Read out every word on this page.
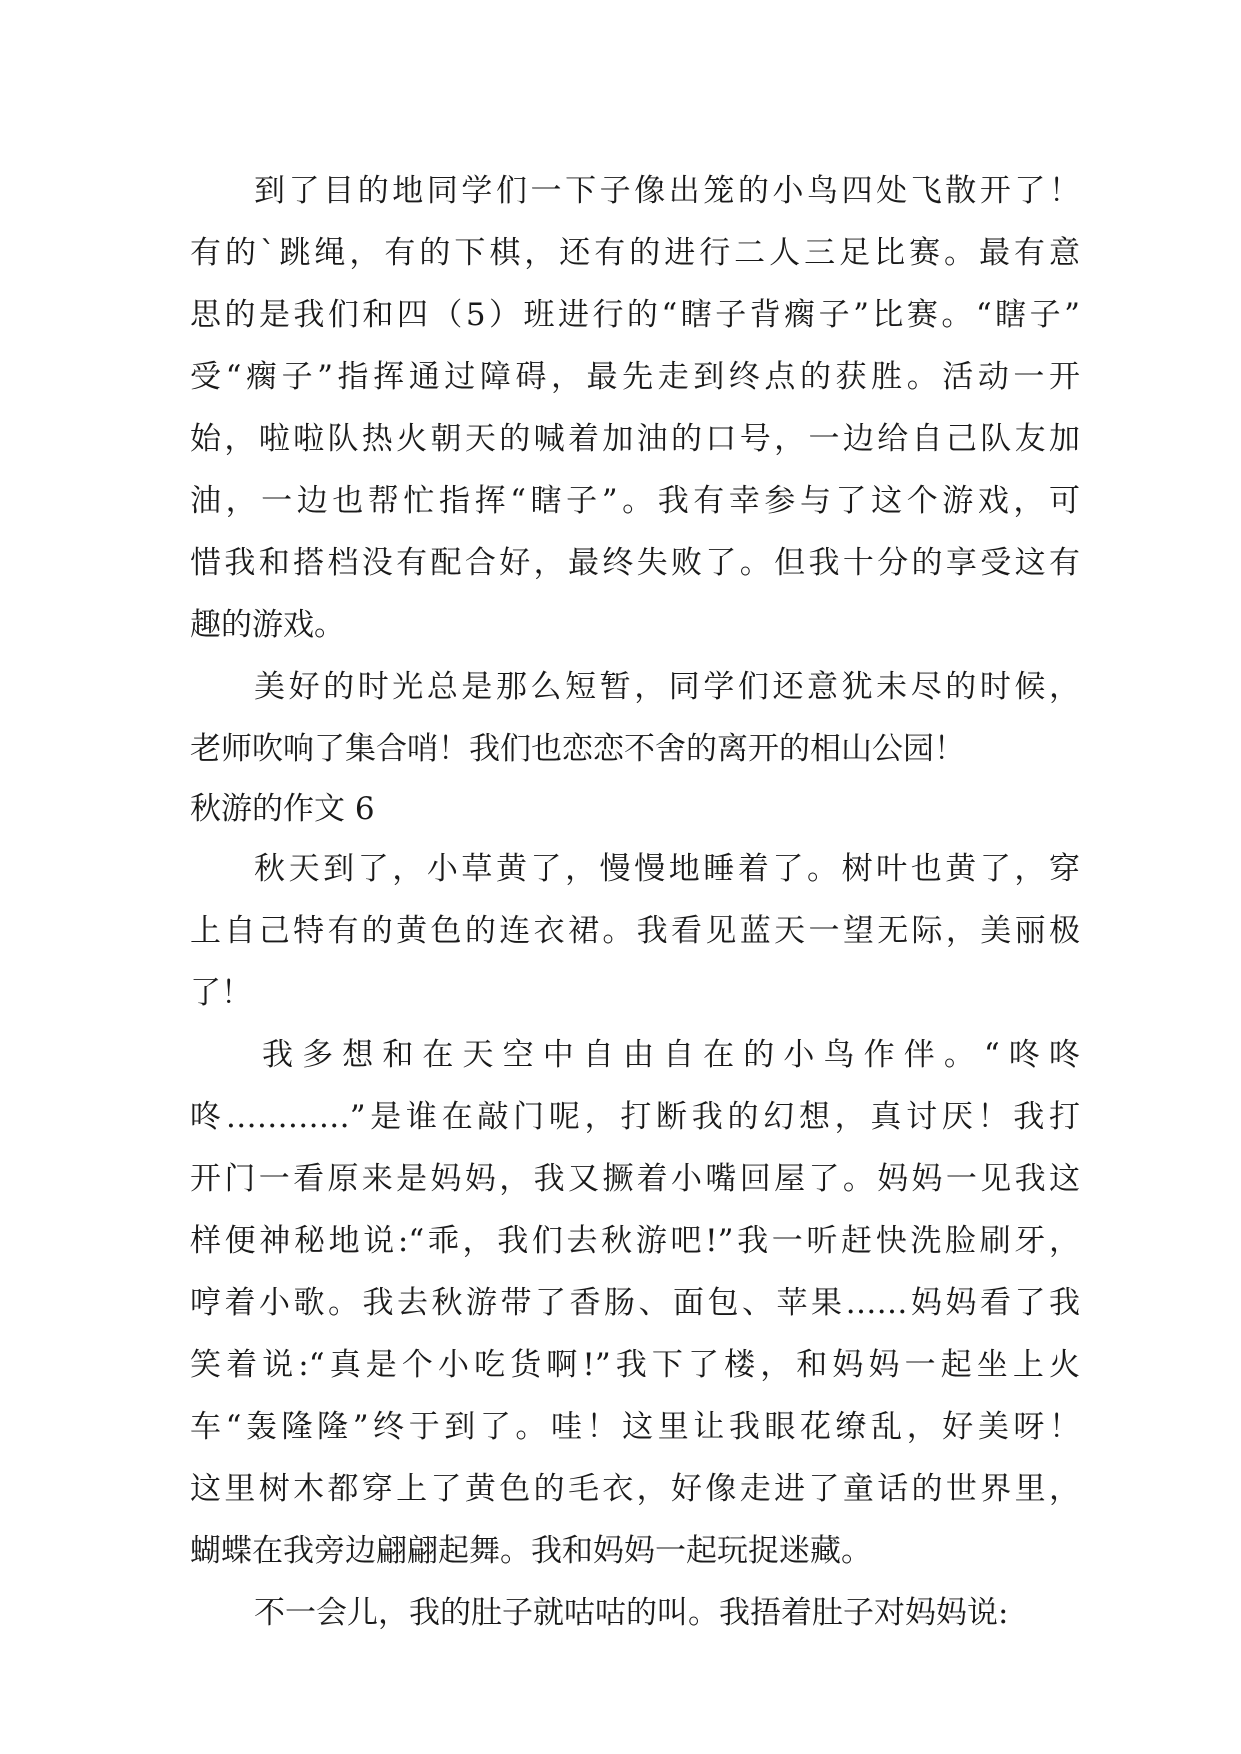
到了目的地同学们一下子像出笼的小鸟四处飞散开了！
有的`跳绳，有的下棋，还有的进行二人三足比赛。最有意
思的是我们和四（5）班进行的“瞎子背瘸子”比赛。“瞎子”
受“瘸子”指挥通过障碍，最先走到终点的获胜。活动一开
始，啦啦队热火朝天的喊着加油的口号，一边给自己队友加
油，一边也帮忙指挥“瞎子”。我有幸参与了这个游戏，可
惜我和搭档没有配合好，最终失败了。但我十分的享受这有
趣的游戏。
美好的时光总是那么短暂，同学们还意犹未尽的时候，
老师吹响了集合哨！我们也恋恋不舍的离开的相山公园！
秋游的作文 6
秋天到了，小草黄了，慢慢地睡着了。树叶也黄了，穿
上自己特有的黄色的连衣裙。我看见蓝天一望无际，美丽极
了！
我多想和在天空中自由自在的小鸟作伴。“咚咚
咚…………”是谁在敲门呢，打断我的幻想，真讨厌！我打
开门一看原来是妈妈，我又撅着小嘴回屋了。妈妈一见我这
样便神秘地说:“乖，我们去秋游吧!”我一听赶快洗脸刷牙，
哼着小歌。我去秋游带了香肠、面包、苹果……妈妈看了我
笑着说:“真是个小吃货啊!”我下了楼，和妈妈一起坐上火
车“轰隆隆”终于到了。哇！这里让我眼花缭乱，好美呀！
这里树木都穿上了黄色的毛衣，好像走进了童话的世界里，
蝴蝶在我旁边翩翩起舞。我和妈妈一起玩捉迷藏。
不一会儿，我的肚子就咕咕的叫。我捂着肚子对妈妈说:
